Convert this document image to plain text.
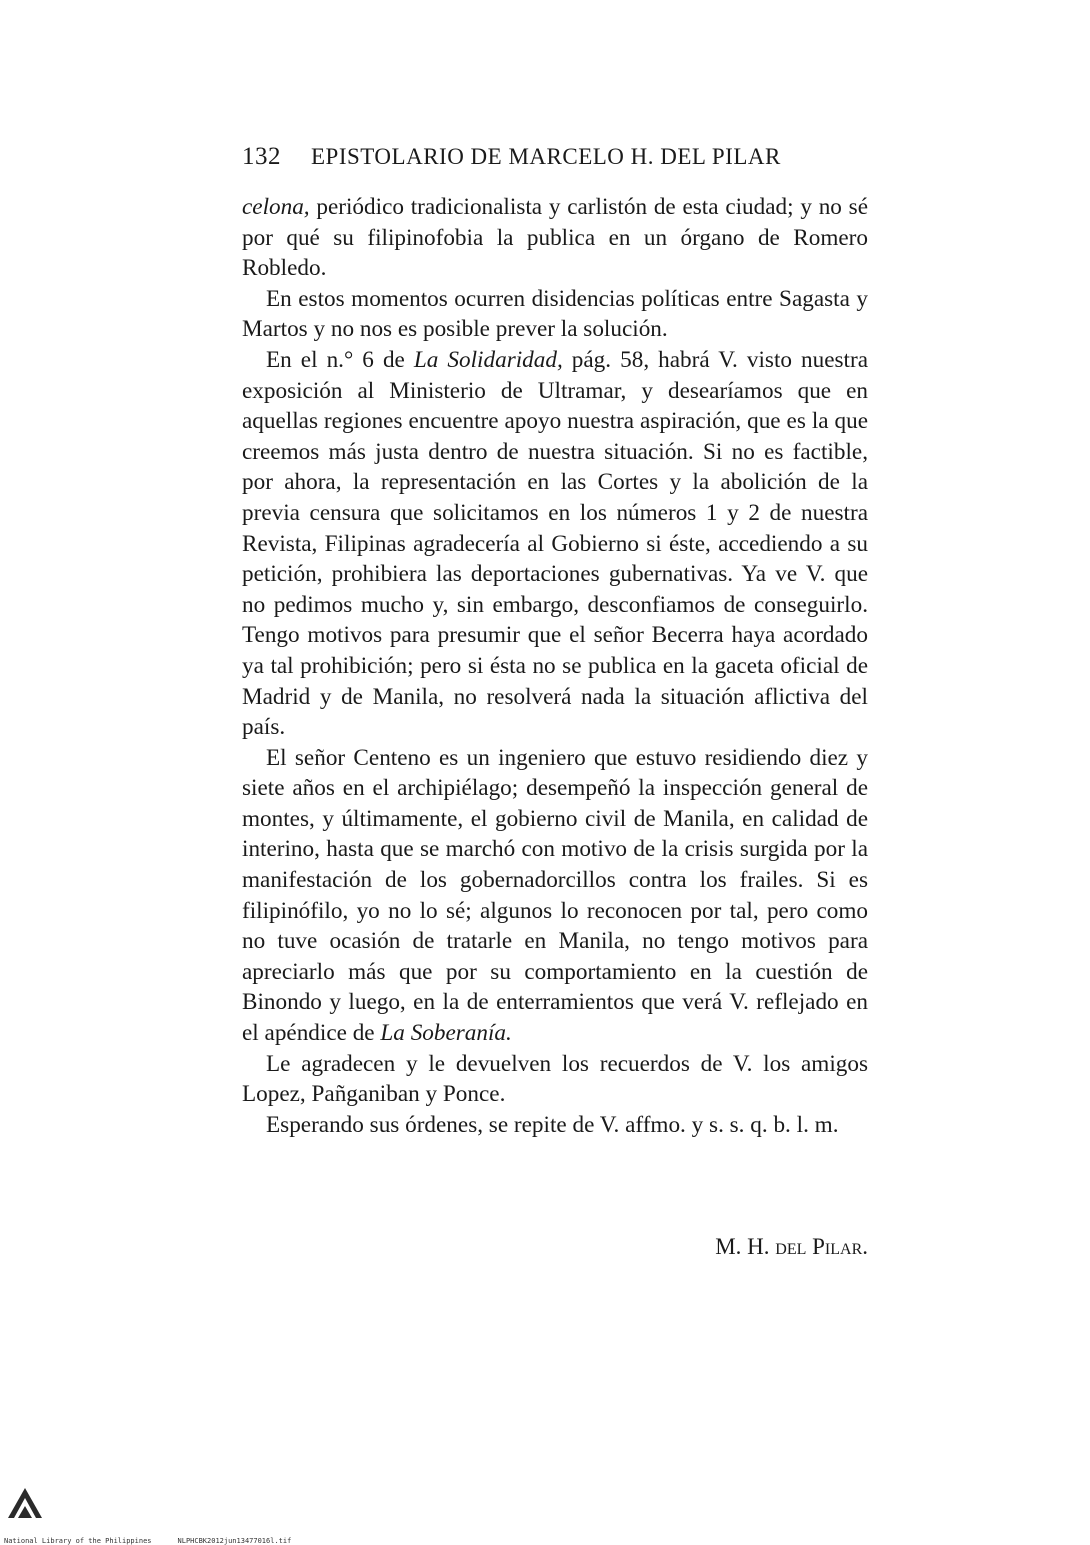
132 EPISTOLARIO DE MARCELO H. DEL PILAR

celona, periódico tradicionalista y carlistón de esta ciudad; y no sé por qué su filipinofobia la publica en un órgano de Romero Robledo.

En estos momentos ocurren disidencias políticas entre Sagasta y Martos y no nos es posible prever la solución.

En el n.° 6 de La Solidaridad, pág. 58, habrá V. visto nuestra exposición al Ministerio de Ultramar, y desearíamos que en aquellas regiones encuentre apoyo nuestra aspiración, que es la que creemos más justa dentro de nuestra situación. Si no es factible, por ahora, la representación en las Cortes y la abolición de la previa censura que solicitamos en los números 1 y 2 de nuestra Revista, Filipinas agradecería al Gobierno si éste, accediendo a su petición, prohibiera las deportaciones gubernativas. Ya ve V. que no pedimos mucho y, sin embargo, desconfiamos de conseguirlo. Tengo motivos para presumir que el señor Becerra haya acordado ya tal prohibición; pero si ésta no se publica en la gaceta oficial de Madrid y de Manila, no resolverá nada la situación aflictiva del país.

El señor Centeno es un ingeniero que estuvo residiendo diez y siete años en el archipiélago; desempeñó la inspección general de montes, y últimamente, el gobierno civil de Manila, en calidad de interino, hasta que se marchó con motivo de la crisis surgida por la manifestación de los gobernadorcillos contra los frailes. Si es filipinófilo, yo no lo sé; algunos lo reconocen por tal, pero como no tuve ocasión de tratarle en Manila, no tengo motivos para apreciarlo más que por su comportamiento en la cuestión de Binondo y luego, en la de enterramientos que verá V. reflejado en el apéndice de La Soberanía.

Le agradecen y le devuelven los recuerdos de V. los amigos Lopez, Pañganiban y Ponce.

Esperando sus órdenes, se repite de V. affmo. y s. s. q. b. l. m.

M. H. del Pilar.
National Library of the Philippines	NLPHCBK2012jun13477016l.tif
